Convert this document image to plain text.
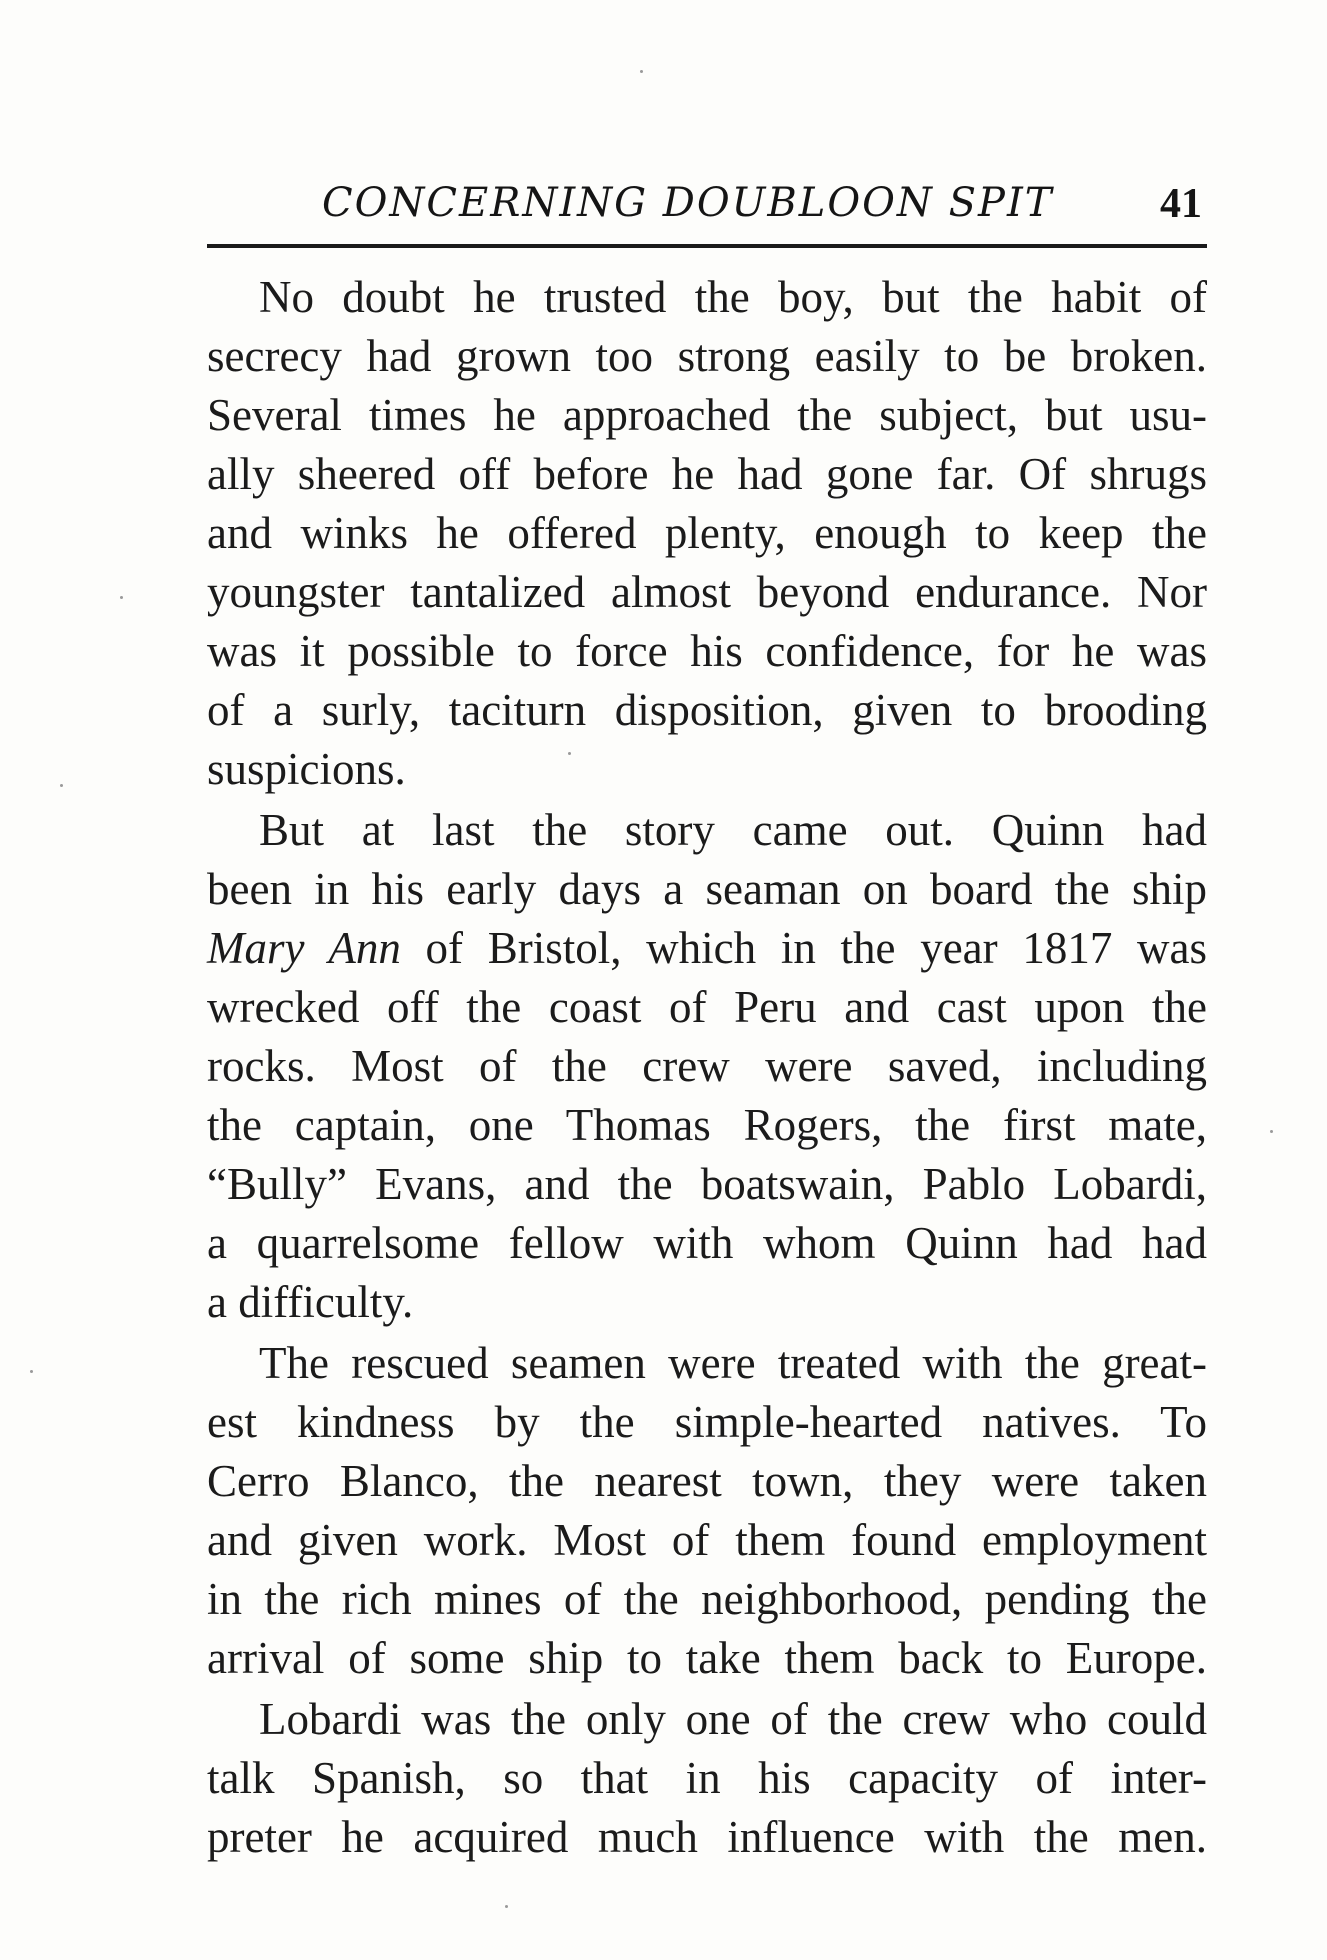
CONCERNING DOUBLOON SPIT	41

No doubt he trusted the boy, but the habit of
secrecy had grown too strong easily to be broken.
Several times he approached the subject, but usu-
ally sheered off before he had gone far. Of shrugs
and winks he offered plenty, enough to keep the
youngster tantalized almost beyond endurance. Nor
was it possible to force his confidence, for he was
of a surly, taciturn disposition, given to brooding
suspicions.

But at last the story came out. Quinn had
been in his early days a seaman on board the ship
Mary Ann of Bristol, which in the year 1817 was
wrecked off the coast of Peru and cast upon the
rocks. Most of the crew were saved, including
the captain, one Thomas Rogers, the first mate,
“Bully” Evans, and the boatswain, Pablo Lobardi,
a quarrelsome fellow with whom Quinn had had
a difficulty.

The rescued seamen were treated with the great-
est kindness by the simple-hearted natives. To
Cerro Blanco, the nearest town, they were taken
and given work. Most of them found employment
in the rich mines of the neighborhood, pending the
arrival of some ship to take them back to Europe.

Lobardi was the only one of the crew who could
talk Spanish, so that in his capacity of inter-
preter he acquired much influence with the men.
